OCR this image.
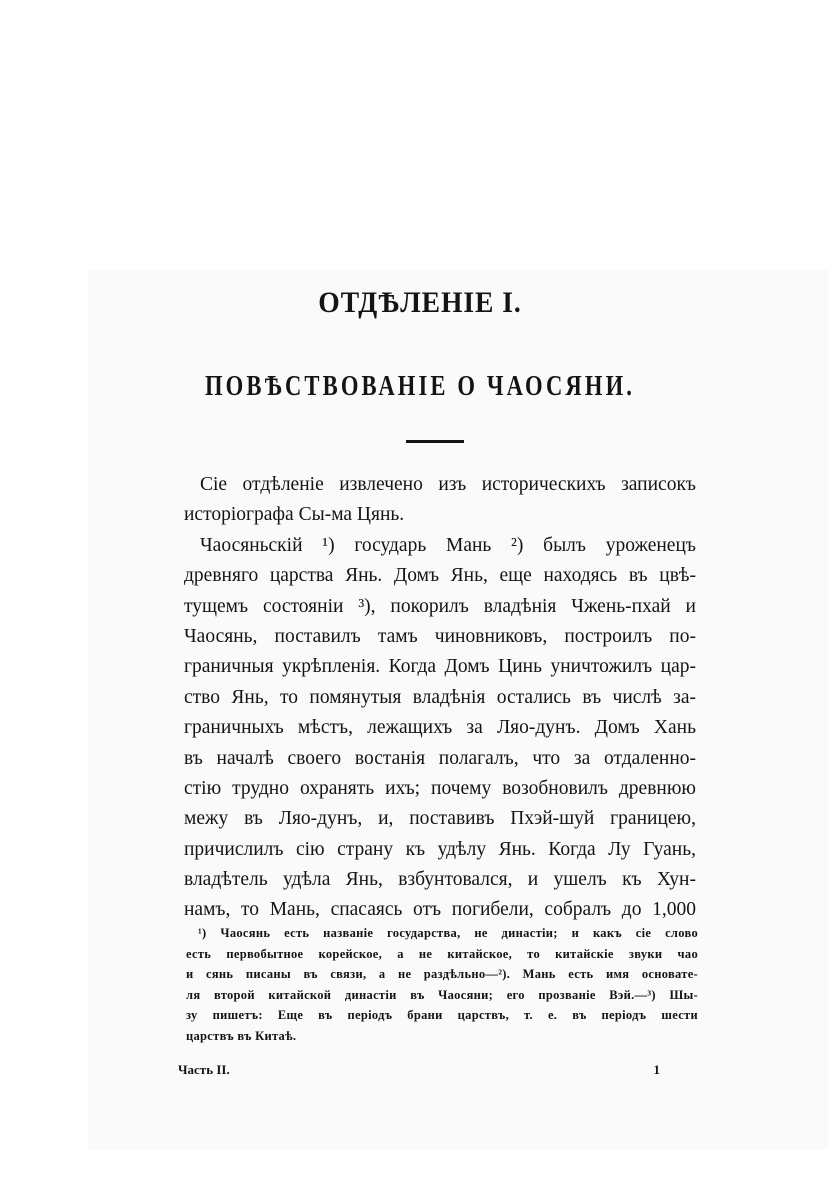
ОТДѢЛЕНІЕ I.
ПОВѢСТВОВАНІЕ О ЧАОСЯНИ.
Сіе отдѣленіе извлечено изъ историческихъ записокъ
исторіографа Сы-ма Цянь.
Чаосяньскій ¹) государь Мань ²) былъ уроженецъ
древняго царства Янь. Домъ Янь, еще находясь въ цвѣ-
тущемъ состояніи ³), покорилъ владѣнія Чжень-пхай и
Чаосянь, поставилъ тамъ чиновниковъ, построилъ по-
граничныя укрѣпленія. Когда Домъ Цинь уничтожилъ цар-
ство Янь, то помянутыя владѣнія остались въ числѣ за-
граничныхъ мѣстъ, лежащихъ за Ляо-дунъ. Домъ Хань
въ началѣ своего востанія полагалъ, что за отдаленно-
стію трудно охранять ихъ; почему возобновилъ древнюю
межу въ Ляо-дунъ, и, поставивъ Пхэй-шуй границею,
причислилъ сію страну къ удѣлу Янь. Когда Лу Гуань,
владѣтель удѣла Янь, взбунтовался, и ушелъ къ Хун-
намъ, то Мань, спасаясь отъ погибели, собралъ до 1,000
¹) Чаосянь есть названіе государства, не династіи; и какъ сіе слово
есть первобытное корейское, а не китайское, то китайскіе звуки чао
и сянь писаны въ связи, а не раздѣльно—²). Мань есть имя основате-
ля второй китайской династіи въ Чаосяни; его прозваніе Вэй.—³) Шы-
зу пишетъ: Еще въ періодъ брани царствъ, т. е. въ періодъ шести
царствъ въ Китаѣ.
Часть II.	1
